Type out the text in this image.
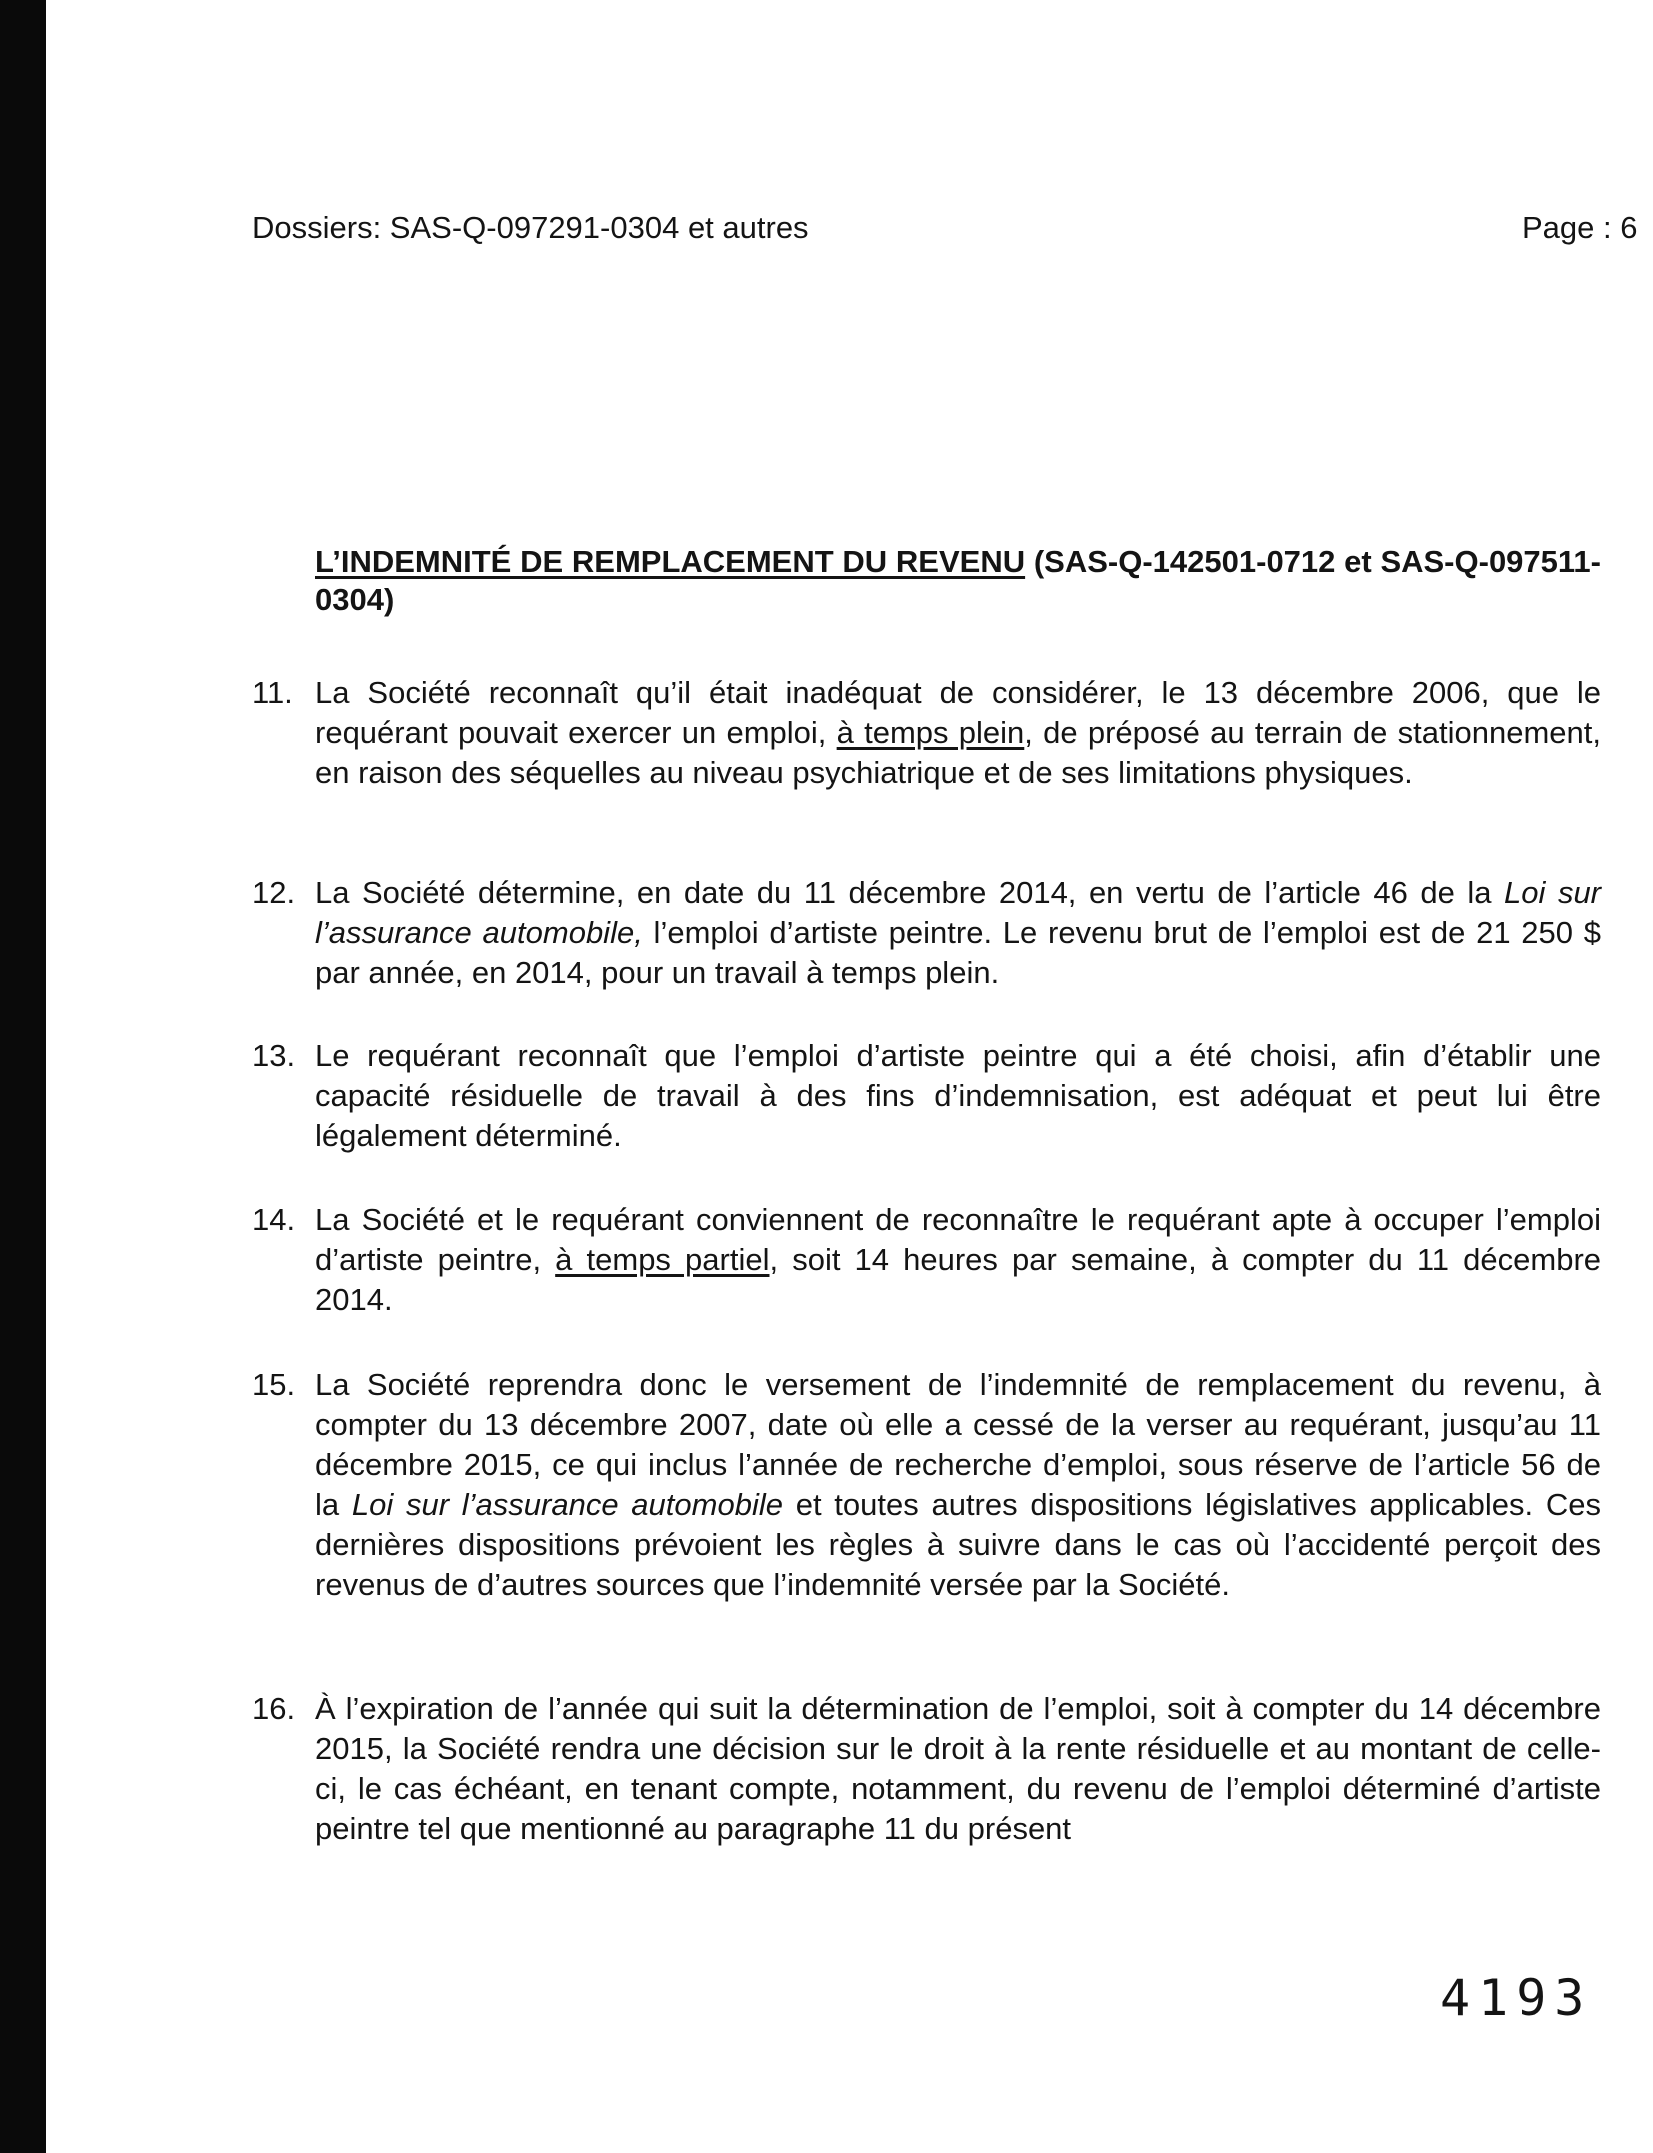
Dossiers: SAS-Q-097291-0304 et autres	Page : 6
L’INDEMNITÉ DE REMPLACEMENT DU REVENU (SAS-Q-142501-0712 et SAS-Q-097511-0304)
11. La Société reconnaît qu’il était inadéquat de considérer, le 13 décembre 2006, que le requérant pouvait exercer un emploi, à temps plein, de préposé au terrain de stationnement, en raison des séquelles au niveau psychiatrique et de ses limitations physiques.
12. La Société détermine, en date du 11 décembre 2014, en vertu de l’article 46 de la Loi sur l’assurance automobile, l’emploi d’artiste peintre. Le revenu brut de l’emploi est de 21 250 $ par année, en 2014, pour un travail à temps plein.
13. Le requérant reconnaît que l’emploi d’artiste peintre qui a été choisi, afin d’établir une capacité résiduelle de travail à des fins d’indemnisation, est adéquat et peut lui être légalement déterminé.
14. La Société et le requérant conviennent de reconnaître le requérant apte à occuper l’emploi d’artiste peintre, à temps partiel, soit 14 heures par semaine, à compter du 11 décembre 2014.
15. La Société reprendra donc le versement de l’indemnité de remplacement du revenu, à compter du 13 décembre 2007, date où elle a cessé de la verser au requérant, jusqu’au 11 décembre 2015, ce qui inclus l’année de recherche d’emploi, sous réserve de l’article 56 de la Loi sur l’assurance automobile et toutes autres dispositions législatives applicables. Ces dernières dispositions prévoient les règles à suivre dans le cas où l’accidenté perçoit des revenus de d’autres sources que l’indemnité versée par la Société.
16. À l’expiration de l’année qui suit la détermination de l’emploi, soit à compter du 14 décembre 2015, la Société rendra une décision sur le droit à la rente résiduelle et au montant de celle-ci, le cas échéant, en tenant compte, notamment, du revenu de l’emploi déterminé d’artiste peintre tel que mentionné au paragraphe 11 du présent
4193
